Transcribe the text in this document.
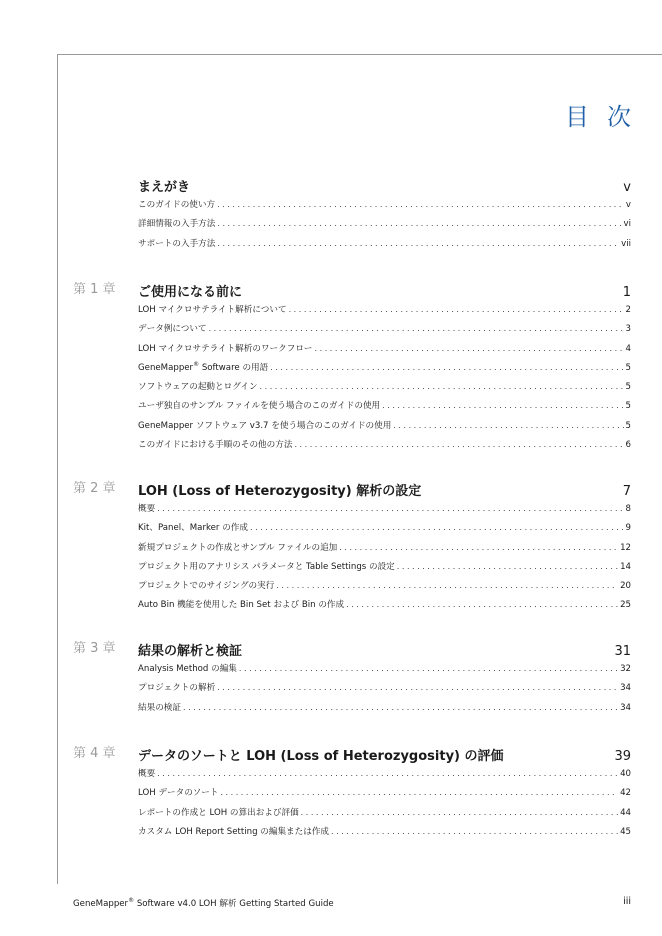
目次
まえがき	v
このガイドの使い方 . . .	v
詳細情報の入手方法 . . .	vi
サポートの入手方法 . . .	vii
第 1 章 ご使用になる前に	1
LOH マイクロサテライト解析について . . .	2
データ例について . . .	3
LOH マイクロサテライト解析のワークフロー . . .	4
GeneMapper® Software の用語 . . .	5
ソフトウェアの起動とログイン . . .	5
ユーザ独自のサンプル ファイルを使う場合のこのガイドの使用 . . .	5
GeneMapper ソフトウェア v3.7 を使う場合のこのガイドの使用 . . .	5
このガイドにおける手順のその他の方法 . . .	6
第 2 章 LOH (Loss of Heterozygosity) 解析の設定	7
概要 . . .	8
Kit、Panel、Marker の作成 . . .	9
新規プロジェクトの作成とサンプル ファイルの追加 . . .	12
プロジェクト用のアナリシス パラメータと Table Settings の設定 . . .	14
プロジェクトでのサイジングの実行 . . .	20
Auto Bin 機能を使用した Bin Set および Bin の作成 . . .	25
第 3 章 結果の解析と検証	31
Analysis Method の編集 . . .	32
プロジェクトの解析 . . .	34
結果の検証 . . .	34
第 4 章 データのソートと LOH (Loss of Heterozygosity) の評価	39
概要 . . .	40
LOH データのソート . . .	42
レポートの作成と LOH の算出および評価 . . .	44
カスタム LOH Report Setting の編集または作成 . . .	45
GeneMapper® Software v4.0 LOH 解析 Getting Started Guide	iii
